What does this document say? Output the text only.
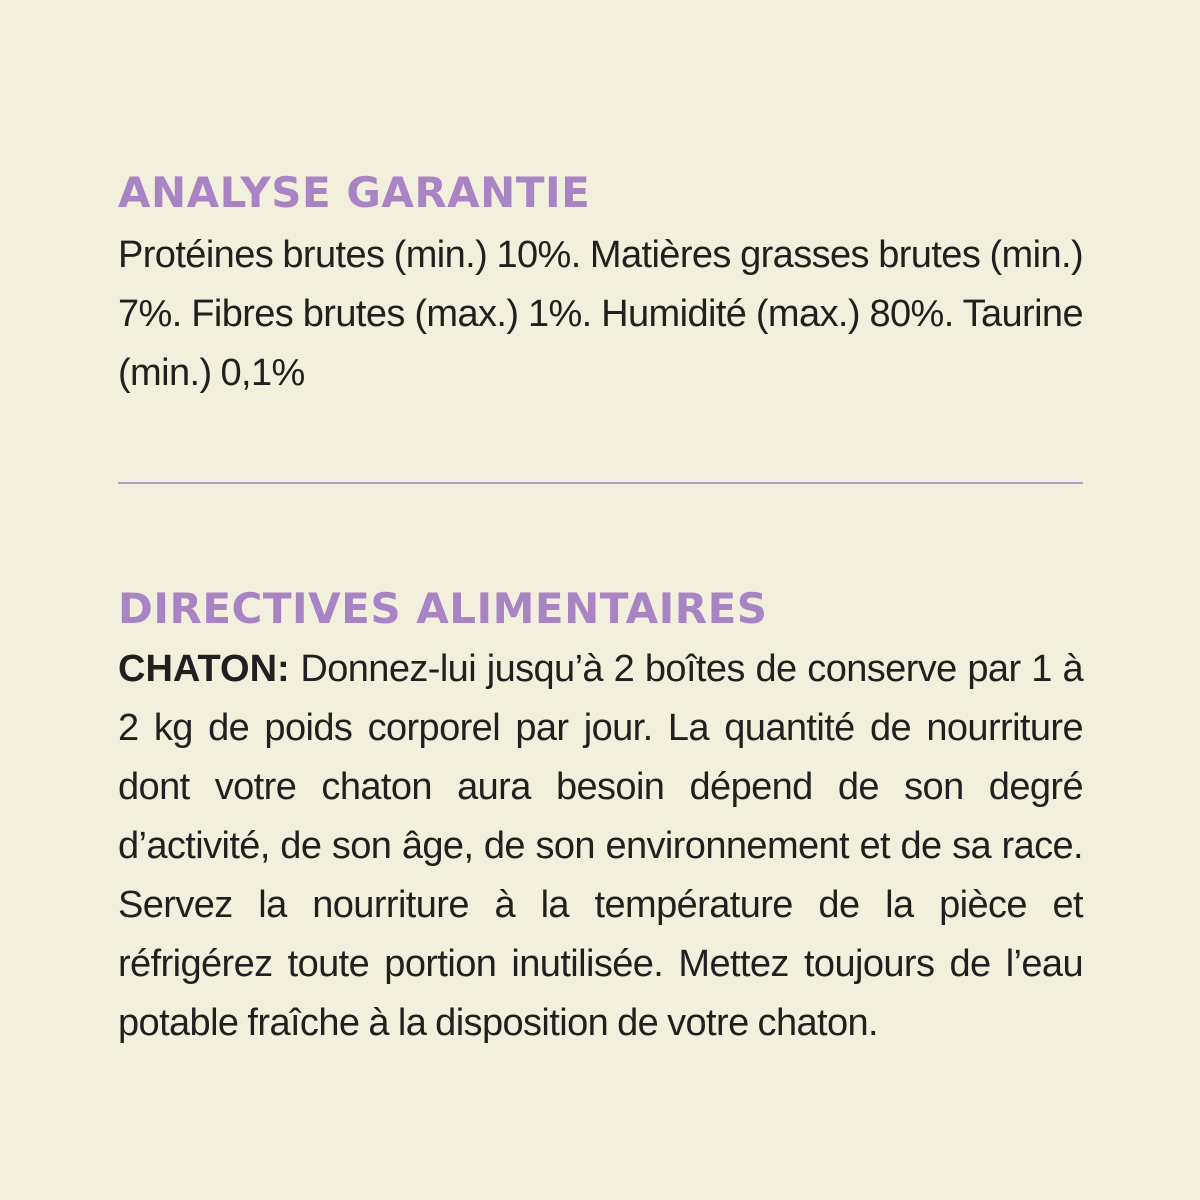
ANALYSE GARANTIE

Protéines brutes (min.) 10%. Matières grasses brutes (min.) 7%. Fibres brutes (max.) 1%. Humidité (max.) 80%. Taurine (min.) 0,1%

DIRECTIVES ALIMENTAIRES

CHATON: Donnez-lui jusqu’à 2 boîtes de conserve par 1 à 2 kg de poids corporel par jour. La quantité de nourriture dont votre chaton aura besoin dépend de son degré d’activité, de son âge, de son environnement et de sa race. Servez la nourriture à la température de la pièce et réfrigérez toute portion inutilisée. Mettez toujours de l’eau potable fraîche à la disposition de votre chaton.
